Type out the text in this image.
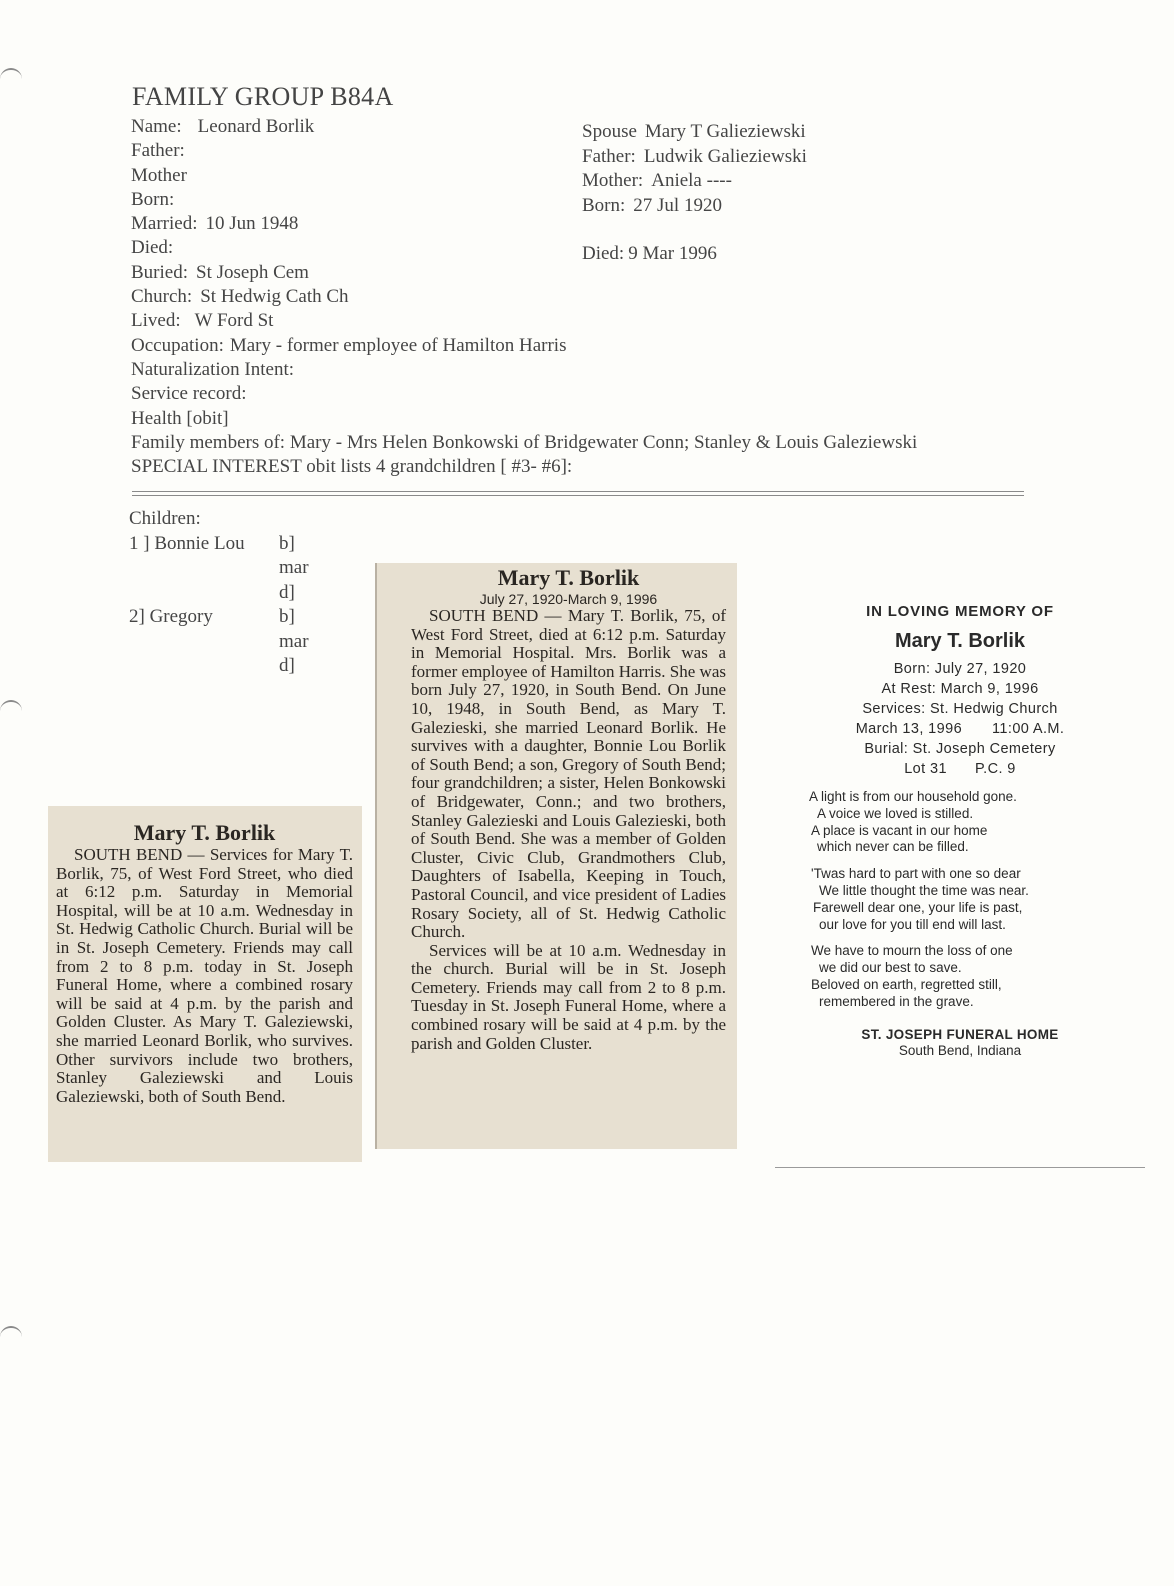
FAMILY GROUP B84A
Name: Leonard Borlik
Father:
Mother
Born:
Married: 10 Jun 1948
Died:
Buried: St Joseph Cem
Church: St Hedwig Cath Ch
Lived: W Ford St
Occupation: Mary - former employee of Hamilton Harris
Naturalization Intent:
Service record:
Health [obit]
Family members of: Mary - Mrs Helen Bonkowski of Bridgewater Conn; Stanley & Louis Galeziewski
SPECIAL INTEREST obit lists 4 grandchildren [ #3- #6]:
Spouse Mary T Galieziewski
Father: Ludwik Galieziewski
Mother: Aniela ----
Born: 27 Jul 1920
Died: 9 Mar 1996
Children:
1 ] Bonnie Lou b]
mar
d]
2] Gregory	b]
mar
d]
Mary T. Borlik

SOUTH BEND — Services for Mary T. Borlik, 75, of West Ford Street, who died at 6:12 p.m. Saturday in Memorial Hospital, will be at 10 a.m. Wednesday in St. Hedwig Catholic Church. Burial will be in St. Joseph Cemetery. Friends may call from 2 to 8 p.m. today in St. Joseph Funeral Home, where a combined rosary will be said at 4 p.m. by the parish and Golden Cluster. As Mary T. Galeziewski, she married Leonard Borlik, who survives. Other survivors include two brothers, Stanley Galeziewski and Louis Galeziewski, both of South Bend.

Mary T. Borlik
July 27, 1920-March 9, 1996

SOUTH BEND — Mary T. Borlik, 75, of West Ford Street, died at 6:12 p.m. Saturday in Memorial Hospital. Mrs. Borlik was a former employee of Hamilton Harris. She was born July 27, 1920, in South Bend. On June 10, 1948, in South Bend, as Mary T. Galezieski, she married Leonard Borlik. He survives with a daughter, Bonnie Lou Borlik of South Bend; a son, Gregory of South Bend; four grandchildren; a sister, Helen Bonkowski of Bridgewater, Conn.; and two brothers, Stanley Galezieski and Louis Galezieski, both of South Bend. She was a member of Golden Cluster, Civic Club, Grandmothers Club, Daughters of Isabella, Keeping in Touch, Pastoral Council, and vice president of Ladies Rosary Society, all of St. Hedwig Catholic Church.

Services will be at 10 a.m. Wednesday in the church. Burial will be in St. Joseph Cemetery. Friends may call from 2 to 8 p.m. Tuesday in St. Joseph Funeral Home, where a combined rosary will be said at 4 p.m. by the parish and Golden Cluster.

IN LOVING MEMORY OF
Mary T. Borlik
Born: July 27, 1920
At Rest: March 9, 1996
Services: St. Hedwig Church
March 13, 1996 11:00 A.M.
Burial: St. Joseph Cemetery
Lot 31 P.C. 9
A light is from our household gone.
A voice we loved is stilled.
A place is vacant in our home
which never can be filled.
'Twas hard to part with one so dear
We little thought the time was near.
Farewell dear one, your life is past,
our love for you till end will last.
We have to mourn the loss of one
we did our best to save.
Beloved on earth, regretted still,
remembered in the grave.
ST. JOSEPH FUNERAL HOME
South Bend, Indiana
